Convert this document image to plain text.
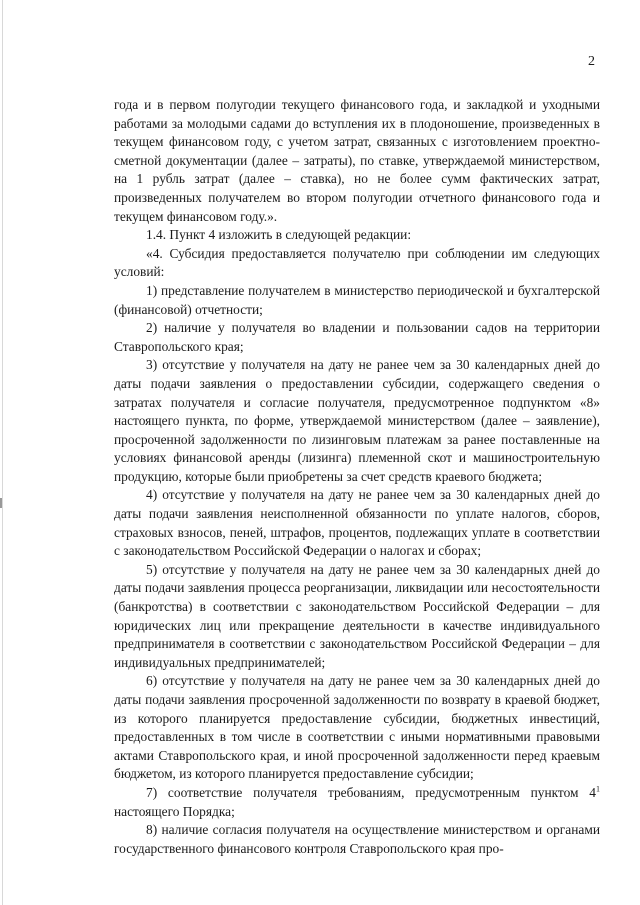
2

года и в первом полугодии текущего финансового года, и закладкой и уходными работами за молодыми садами до вступления их в плодоношение, произведенных в текущем финансовом году, с учетом затрат, связанных с изготовлением проектно-сметной документации (далее – затраты), по ставке, утверждаемой министерством, на 1 рубль затрат (далее – ставка), но не более сумм фактических затрат, произведенных получателем во втором полугодии отчетного финансового года и текущем финансовом году.».

1.4. Пункт 4 изложить в следующей редакции:

«4. Субсидия предоставляется получателю при соблюдении им следующих условий:

1) представление получателем в министерство периодической и бухгалтерской (финансовой) отчетности;

2) наличие у получателя во владении и пользовании садов на территории Ставропольского края;

3) отсутствие у получателя на дату не ранее чем за 30 календарных дней до даты подачи заявления о предоставлении субсидии, содержащего сведения о затратах получателя и согласие получателя, предусмотренное подпунктом «8» настоящего пункта, по форме, утверждаемой министерством (далее – заявление), просроченной задолженности по лизинговым платежам за ранее поставленные на условиях финансовой аренды (лизинга) племенной скот и машиностроительную продукцию, которые были приобретены за счет средств краевого бюджета;

4) отсутствие у получателя на дату не ранее чем за 30 календарных дней до даты подачи заявления неисполненной обязанности по уплате налогов, сборов, страховых взносов, пеней, штрафов, процентов, подлежащих уплате в соответствии с законодательством Российской Федерации о налогах и сборах;

5) отсутствие у получателя на дату не ранее чем за 30 календарных дней до даты подачи заявления процесса реорганизации, ликвидации или несостоятельности (банкротства) в соответствии с законодательством Российской Федерации – для юридических лиц или прекращение деятельности в качестве индивидуального предпринимателя в соответствии с законодательством Российской Федерации – для индивидуальных предпринимателей;

6) отсутствие у получателя на дату не ранее чем за 30 календарных дней до даты подачи заявления просроченной задолженности по возврату в краевой бюджет, из которого планируется предоставление субсидии, бюджетных инвестиций, предоставленных в том числе в соответствии с иными нормативными правовыми актами Ставропольского края, и иной просроченной задолженности перед краевым бюджетом, из которого планируется предоставление субсидии;

7) соответствие получателя требованиям, предусмотренным пунктом $4^1$ настоящего Порядка;

8) наличие согласия получателя на осуществление министерством и органами государственного финансового контроля Ставропольского края про-
